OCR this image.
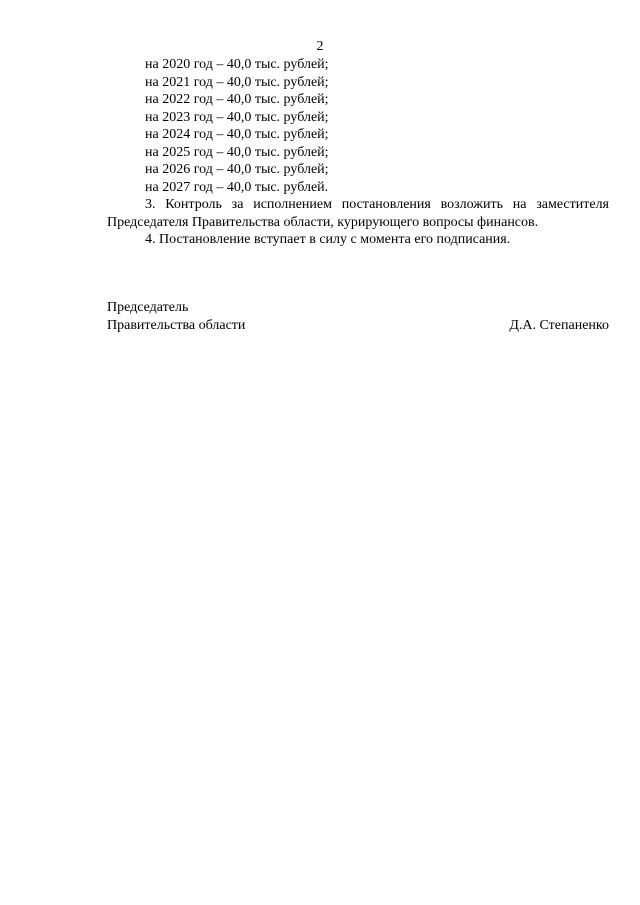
2
на 2020 год – 40,0 тыс. рублей;
на 2021 год – 40,0 тыс. рублей;
на 2022 год – 40,0 тыс. рублей;
на 2023 год – 40,0 тыс. рублей;
на 2024 год – 40,0 тыс. рублей;
на 2025 год – 40,0 тыс. рублей;
на 2026 год – 40,0 тыс. рублей;
на 2027 год – 40,0 тыс. рублей.
3. Контроль за исполнением постановления возложить на заместителя
Председателя Правительства области, курирующего вопросы финансов.
4. Постановление вступает в силу с момента его подписания.
Председатель
Правительства области	Д.А. Степаненко
